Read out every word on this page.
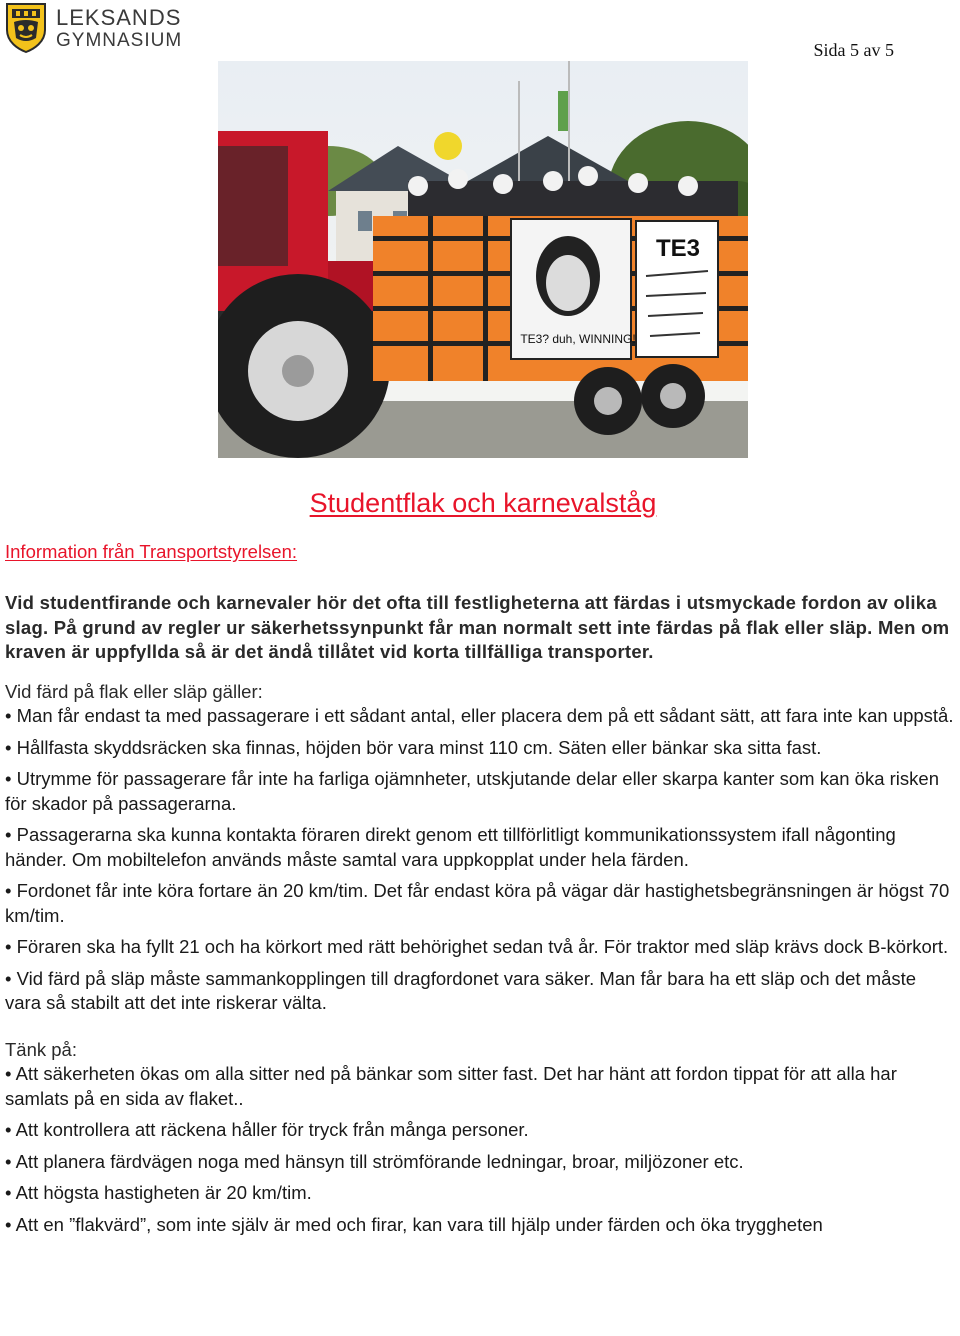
LEKSANDS
GYMNASIUM	Sida 5 av 5
TE3? duh, WINNING!
TE3
Studentflak och karnevalståg
Information från Transportstyrelsen:

Vid studentfirande och karnevaler hör det ofta till festligheterna att färdas i utsmyckade fordon av olika slag. På grund av regler ur säkerhetssynpunkt får man normalt sett inte färdas på flak eller släp. Men om kraven är uppfyllda så är det ändå tillåtet vid korta tillfälliga transporter.

Vid färd på flak eller släp gäller:

• Man får endast ta med passagerare i ett sådant antal, eller placera dem på ett sådant sätt, att fara inte kan uppstå.

• Hållfasta skyddsräcken ska finnas, höjden bör vara minst 110 cm. Säten eller bänkar ska sitta fast.

• Utrymme för passagerare får inte ha farliga ojämnheter, utskjutande delar eller skarpa kanter som kan öka risken för skador på passagerarna.

• Passagerarna ska kunna kontakta föraren direkt genom ett tillförlitligt kommunikationssystem ifall någonting händer. Om mobiltelefon används måste samtal vara uppkopplat under hela färden.

• Fordonet får inte köra fortare än 20 km/tim. Det får endast köra på vägar där hastighetsbegränsningen är högst 70 km/tim.

• Föraren ska ha fyllt 21 och ha körkort med rätt behörighet sedan två år. För traktor med släp krävs dock B-körkort.

• Vid färd på släp måste sammankopplingen till dragfordonet vara säker. Man får bara ha ett släp och det måste vara så stabilt att det inte riskerar välta.

Tänk på:

• Att säkerheten ökas om alla sitter ned på bänkar som sitter fast. Det har hänt att fordon tippat för att alla har samlats på en sida av flaket..

• Att kontrollera att räckena håller för tryck från många personer.

• Att planera färdvägen noga med hänsyn till strömförande ledningar, broar, miljözoner etc.

• Att högsta hastigheten är 20 km/tim.

• Att en ”flakvärd”, som inte själv är med och firar, kan vara till hjälp under färden och öka tryggheten
